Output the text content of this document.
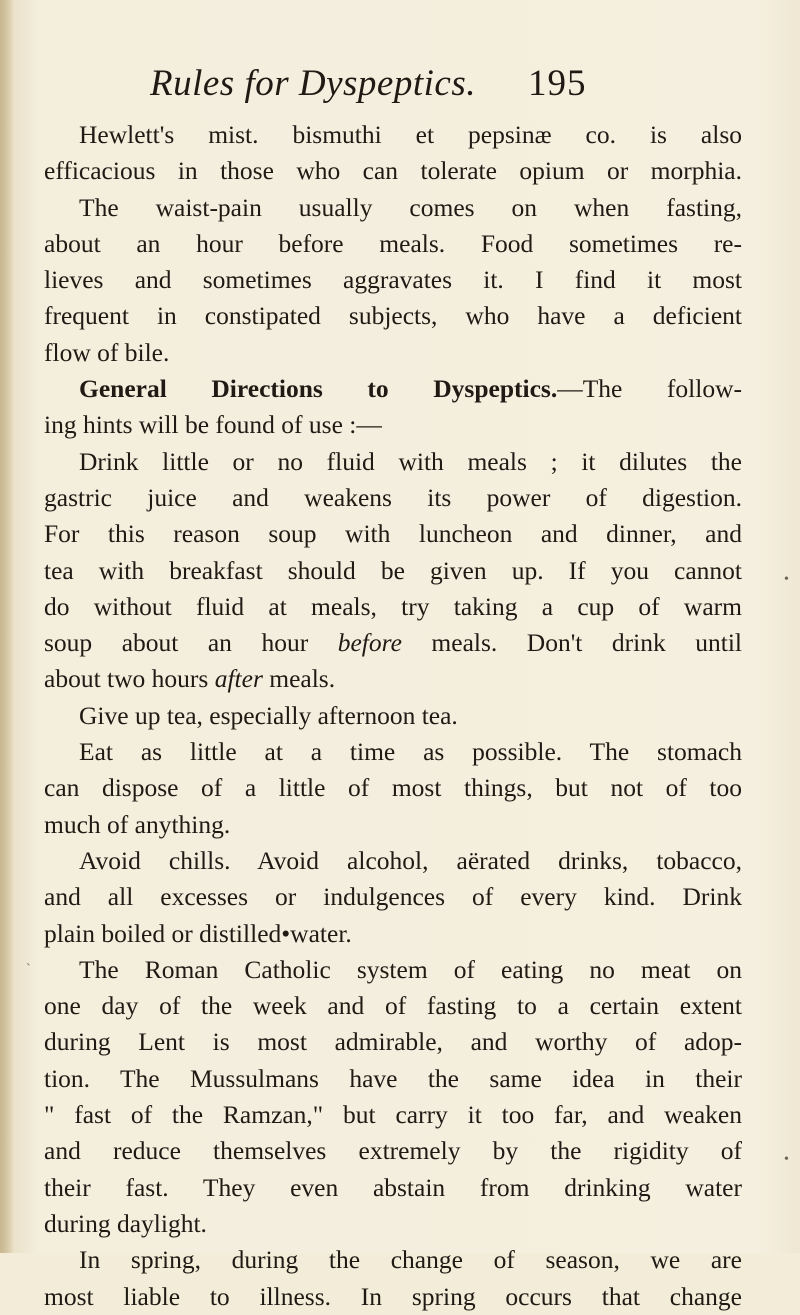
Rules for Dyspeptics. 195
Hewlett's mist. bismuthi et pepsinæ co. is also
efficacious in those who can tolerate opium or morphia.
The waist-pain usually comes on when fasting,
about an hour before meals. Food sometimes re-
lieves and sometimes aggravates it. I find it most
frequent in constipated subjects, who have a deficient
flow of bile.
General Directions to Dyspeptics.—The follow-
ing hints will be found of use :—
Drink little or no fluid with meals ; it dilutes the
gastric juice and weakens its power of digestion.
For this reason soup with luncheon and dinner, and
tea with breakfast should be given up. If you cannot
do without fluid at meals, try taking a cup of warm
soup about an hour before meals. Don't drink until
about two hours after meals.
Give up tea, especially afternoon tea.
Eat as little at a time as possible. The stomach
can dispose of a little of most things, but not of too
much of anything.
Avoid chills. Avoid alcohol, aërated drinks, tobacco,
and all excesses or indulgences of every kind. Drink
plain boiled or distilled•water.
The Roman Catholic system of eating no meat on
one day of the week and of fasting to a certain extent
during Lent is most admirable, and worthy of adop-
tion. The Mussulmans have the same idea in their
" fast of the Ramzan," but carry it too far, and weaken
and reduce themselves extremely by the rigidity of
their fast. They even abstain from drinking water
during daylight.
In spring, during the change of season, we are
most liable to illness. In spring occurs that change
•
`
•
